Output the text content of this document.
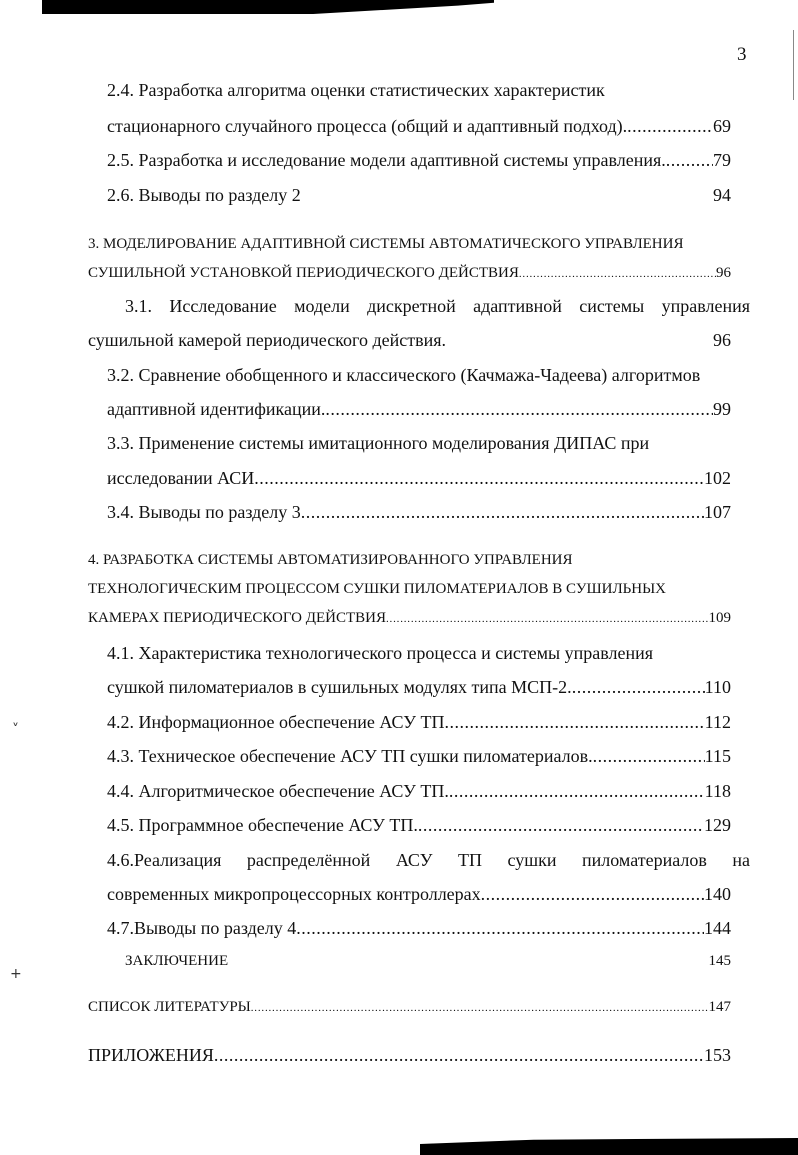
˅
+
3
2.4. Разработка алгоритма оценки статистических характеристик
стационарного случайного процесса (общий и адаптивный подход). .....	69
2.5. Разработка и исследование модели адаптивной системы управления. .....	79
2.6. Выводы по разделу 2	94
3. МОДЕЛИРОВАНИЕ АДАПТИВНОЙ СИСТЕМЫ АВТОМАТИЧЕСКОГО УПРАВЛЕНИЯ
СУШИЛЬНОЙ УСТАНОВКОЙ ПЕРИОДИЧЕСКОГО ДЕЙСТВИЯ .....	96
3.1. Исследование модели дискретной адаптивной системы управления
сушильной камерой периодического действия.	96
3.2. Сравнение обобщенного и классического (Качмажа-Чадеева) алгоритмов
адаптивной идентификации. .....	99
3.3. Применение системы имитационного моделирования ДИПАС при
исследовании АСИ .....	102
3.4. Выводы по разделу 3 .....	107
4. РАЗРАБОТКА СИСТЕМЫ АВТОМАТИЗИРОВАННОГО УПРАВЛЕНИЯ
ТЕХНОЛОГИЧЕСКИМ ПРОЦЕССОМ СУШКИ ПИЛОМАТЕРИАЛОВ В СУШИЛЬНЫХ
КАМЕРАХ ПЕРИОДИЧЕСКОГО ДЕЙСТВИЯ .....	109
4.1. Характеристика технологического процесса и системы управления
сушкой пиломатериалов в сушильных модулях типа МСП-2. .....	110
4.2. Информационное обеспечение АСУ ТП .....	112
4.3. Техническое обеспечение АСУ ТП сушки пиломатериалов. .....	115
4.4. Алгоритмическое обеспечение АСУ ТП. .....	118
4.5. Программное обеспечение АСУ ТП. .....	129
4.6.Реализация распределённой АСУ ТП сушки пиломатериалов на
современных микропроцессорных контроллерах .....	140
4.7.Выводы по разделу 4 .....	144
ЗАКЛЮЧЕНИЕ	145
СПИСОК ЛИТЕРАТУРЫ .....	147
ПРИЛОЖЕНИЯ .....	153
